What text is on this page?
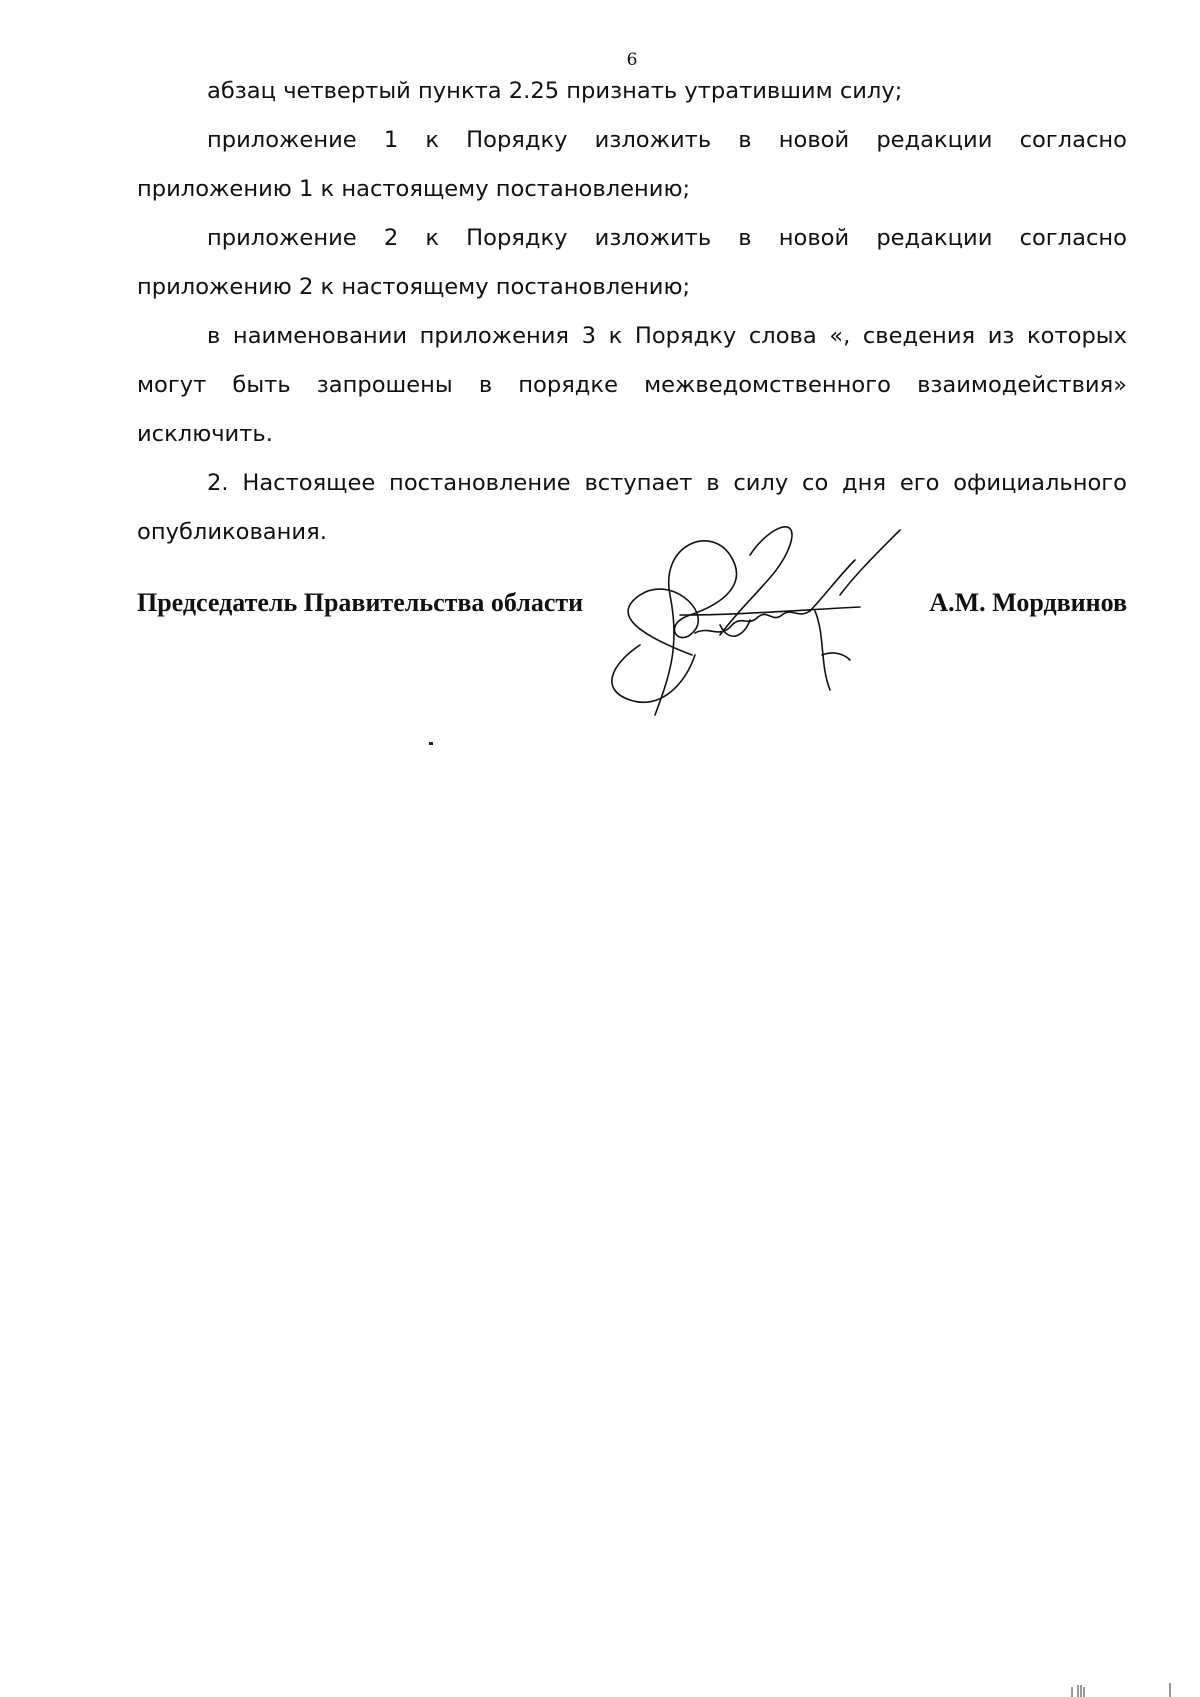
6

абзац четвертый пункта 2.25 признать утратившим силу;

приложение 1 к Порядку изложить в новой редакции согласно приложению 1 к настоящему постановлению;

приложение 2 к Порядку изложить в новой редакции согласно приложению 2 к настоящему постановлению;

в наименовании приложения 3 к Порядку слова «, сведения из которых могут быть запрошены в порядке межведомственного взаимодействия» исключить.

2. Настоящее постановление вступает в силу со дня его официального опубликования.

Председатель Правительства области	А.М. Мордвинов
